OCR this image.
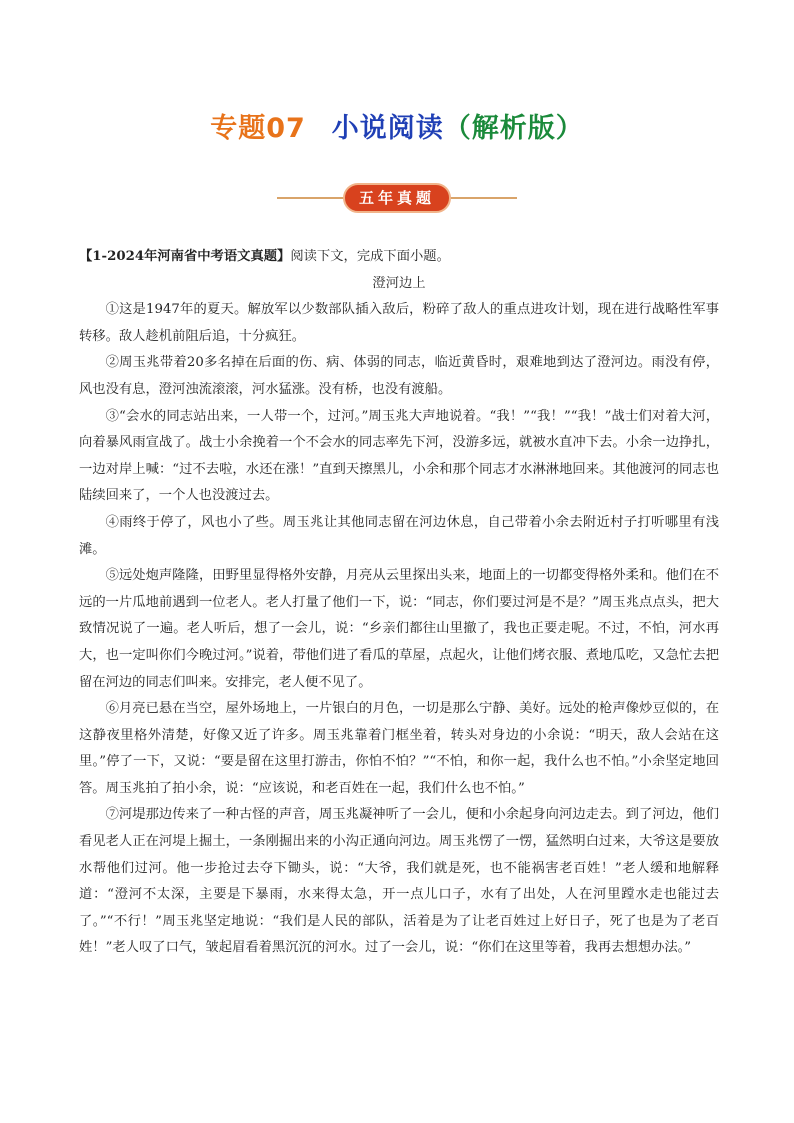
专题07 小说阅读（解析版）
五年真题

【1-2024年河南省中考语文真题】阅读下文，完成下面小题。

澄河边上

①这是1947年的夏天。解放军以少数部队插入敌后，粉碎了敌人的重点进攻计划，现在进行战略性军事转移。敌人趁机前阻后追，十分疯狂。

②周玉兆带着20多名掉在后面的伤、病、体弱的同志，临近黄昏时，艰难地到达了澄河边。雨没有停，风也没有息，澄河浊流滚滚，河水猛涨。没有桥，也没有渡船。

③“会水的同志站出来，一人带一个，过河。”周玉兆大声地说着。“我！”“我！”“我！”战士们对着大河，向着暴风雨宣战了。战士小余挽着一个不会水的同志率先下河，没游多远，就被水直冲下去。小余一边挣扎，一边对岸上喊：“过不去啦，水还在涨！”直到天擦黑儿，小余和那个同志才水淋淋地回来。其他渡河的同志也陆续回来了，一个人也没渡过去。

④雨终于停了，风也小了些。周玉兆让其他同志留在河边休息，自己带着小余去附近村子打听哪里有浅滩。

⑤远处炮声隆隆，田野里显得格外安静，月亮从云里探出头来，地面上的一切都变得格外柔和。他们在不远的一片瓜地前遇到一位老人。老人打量了他们一下，说：“同志，你们要过河是不是？”周玉兆点点头，把大致情况说了一遍。老人听后，想了一会儿，说：“乡亲们都往山里撤了，我也正要走呢。不过，不怕，河水再大，也一定叫你们今晚过河。”说着，带他们进了看瓜的草屋，点起火，让他们烤衣服、煮地瓜吃，又急忙去把留在河边的同志们叫来。安排完，老人便不见了。

⑥月亮已悬在当空，屋外场地上，一片银白的月色，一切是那么宁静、美好。远处的枪声像炒豆似的，在这静夜里格外清楚，好像又近了许多。周玉兆靠着门框坐着，转头对身边的小余说：“明天，敌人会站在这里。”停了一下，又说：“要是留在这里打游击，你怕不怕？”“不怕，和你一起，我什么也不怕。”小余坚定地回答。周玉兆拍了拍小余，说：“应该说，和老百姓在一起，我们什么也不怕。”

⑦河堤那边传来了一种古怪的声音，周玉兆凝神听了一会儿，便和小余起身向河边走去。到了河边，他们看见老人正在河堤上掘土，一条刚掘出来的小沟正通向河边。周玉兆愣了一愣，猛然明白过来，大爷这是要放水帮他们过河。他一步抢过去夺下锄头，说：“大爷，我们就是死，也不能祸害老百姓！”老人缓和地解释道：“澄河不太深，主要是下暴雨，水来得太急，开一点儿口子，水有了出处，人在河里蹚水走也能过去了。”“不行！”周玉兆坚定地说：“我们是人民的部队，活着是为了让老百姓过上好日子，死了也是为了老百姓！”老人叹了口气，皱起眉看着黑沉沉的河水。过了一会儿，说：“你们在这里等着，我再去想想办法。”
